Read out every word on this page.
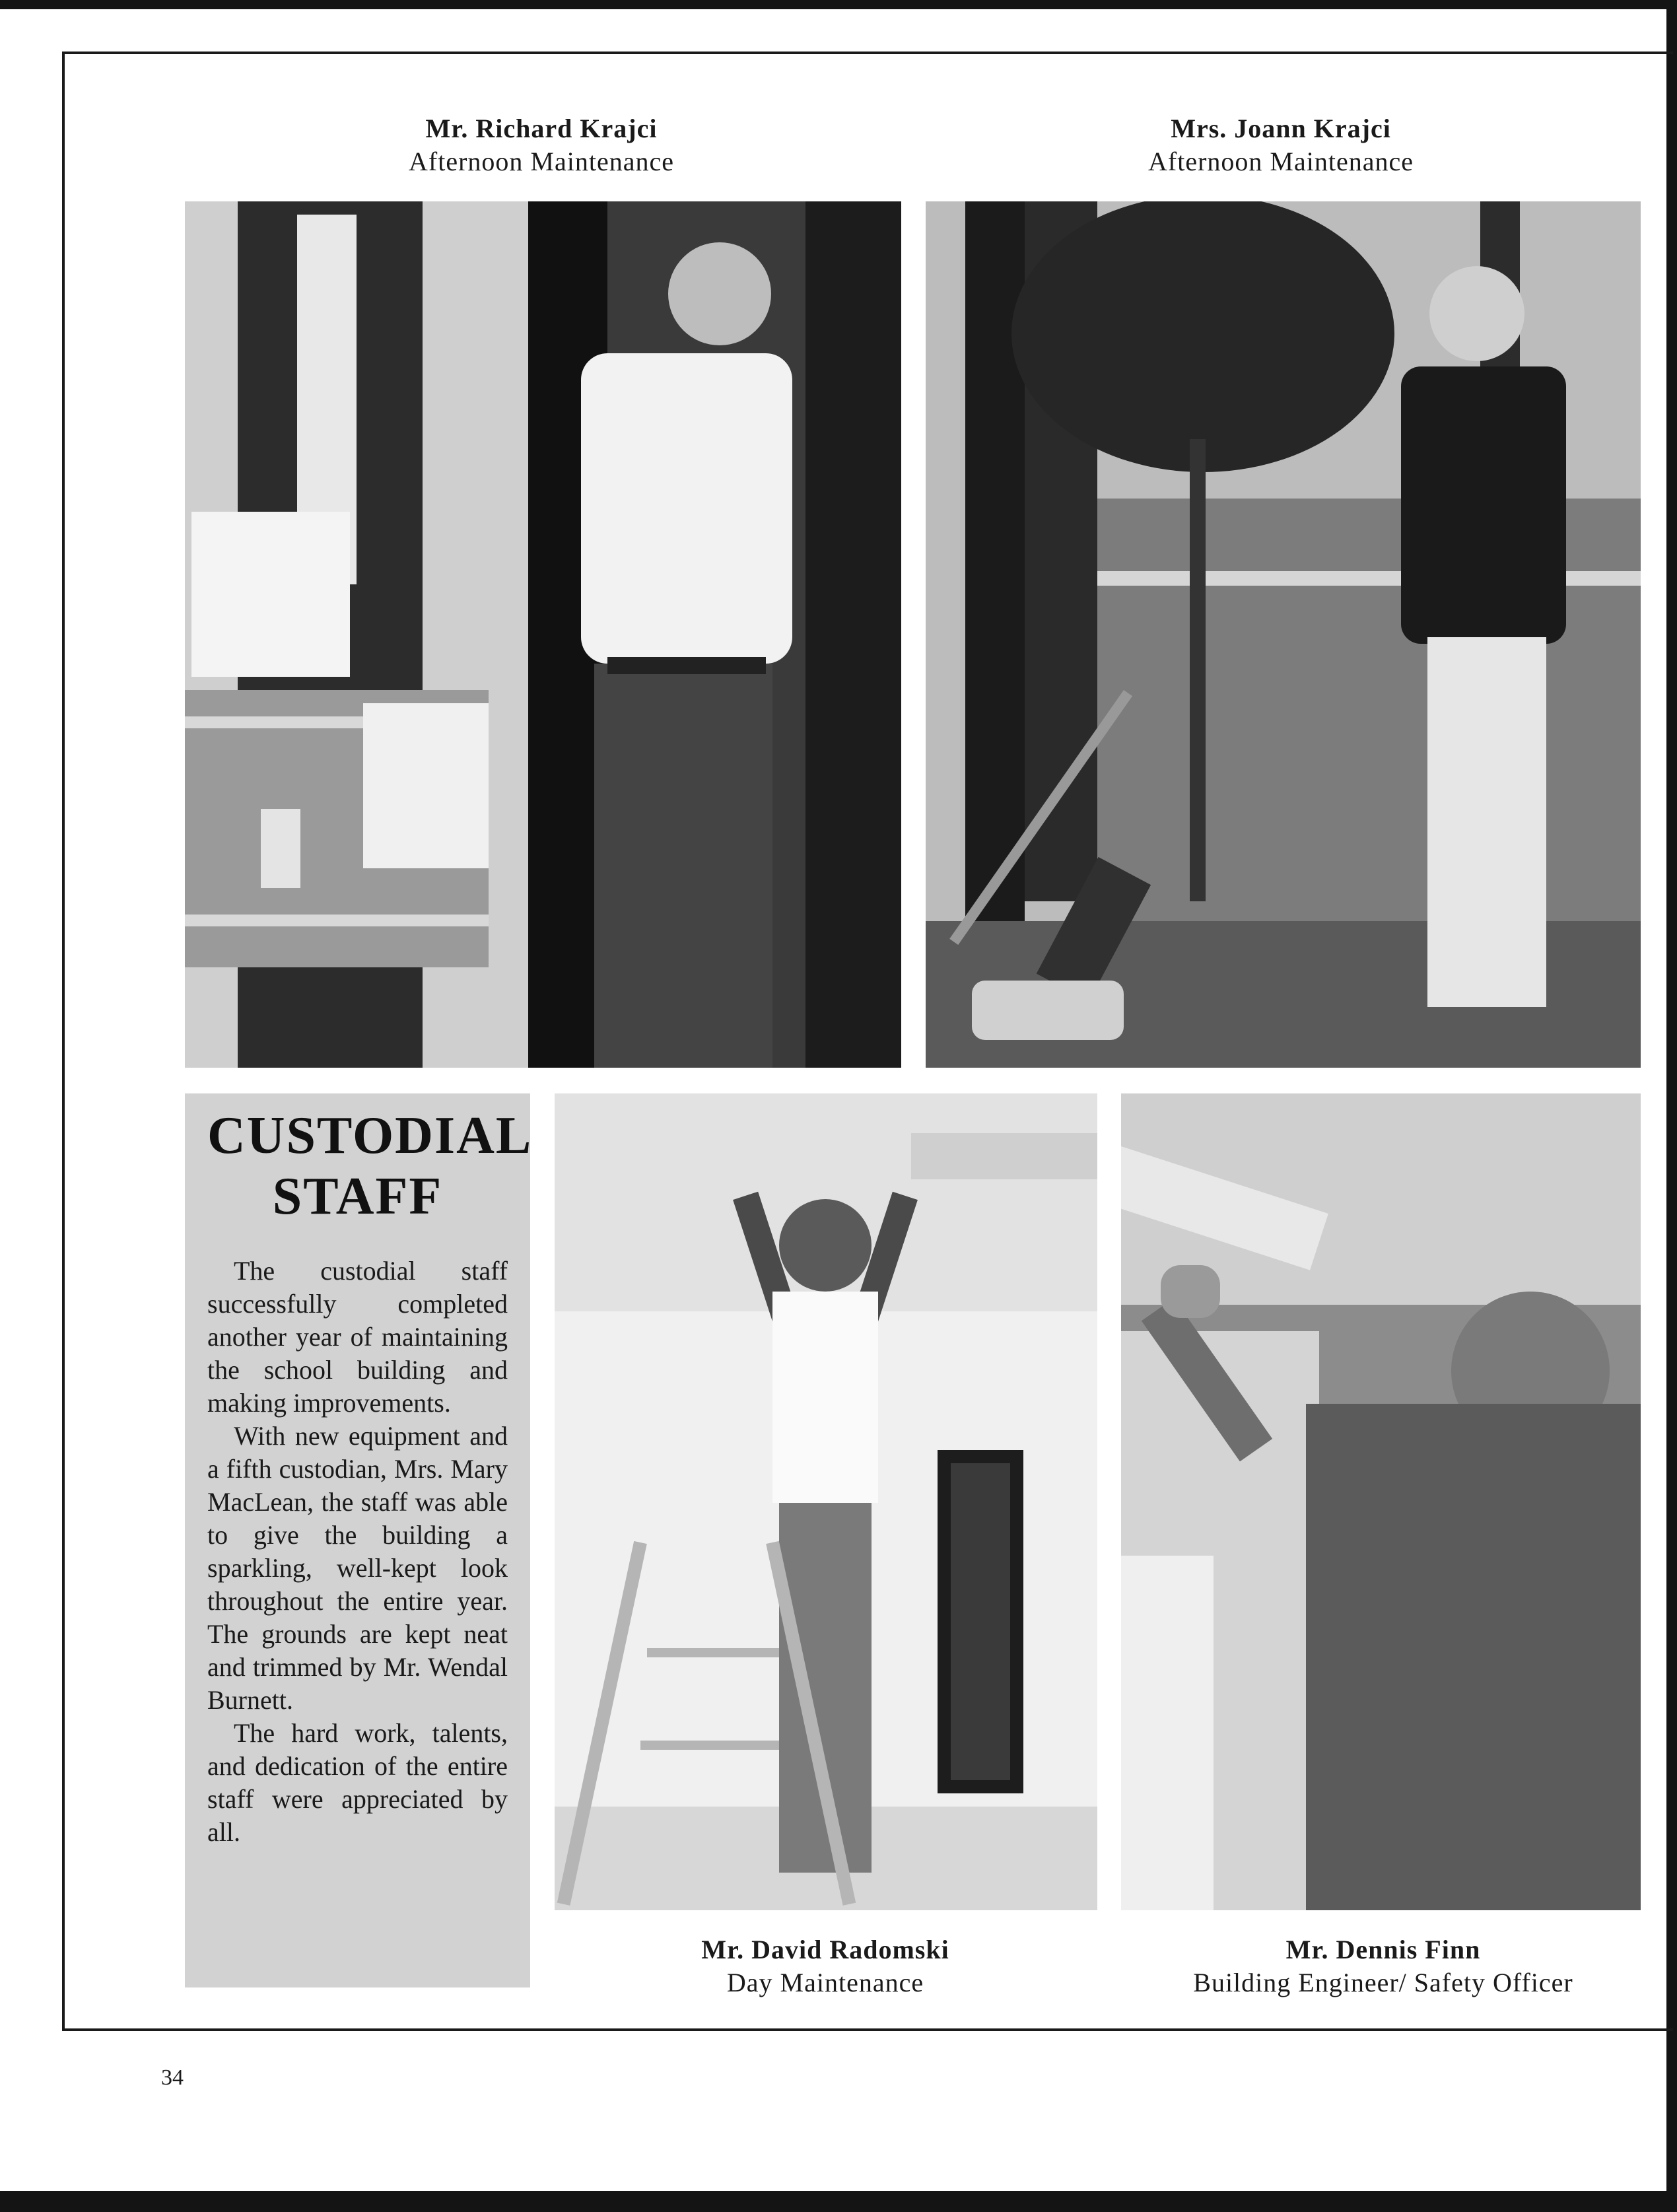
Mr. Richard Krajci
Afternoon Maintenance
Mrs. Joann Krajci
Afternoon Maintenance
CUSTODIAL
STAFF

The custodial staff successfully completed another year of maintaining the school building and making improvements.

With new equipment and a fifth custodian, Mrs. Mary MacLean, the staff was able to give the building a sparkling, well-kept look throughout the entire year. The grounds are kept neat and trimmed by Mr. Wendal Burnett.

The hard work, talents, and dedication of the entire staff were appreciated by all.

Mr. David Radomski
Day Maintenance
Mr. Dennis Finn
Building Engineer/ Safety Officer
34
